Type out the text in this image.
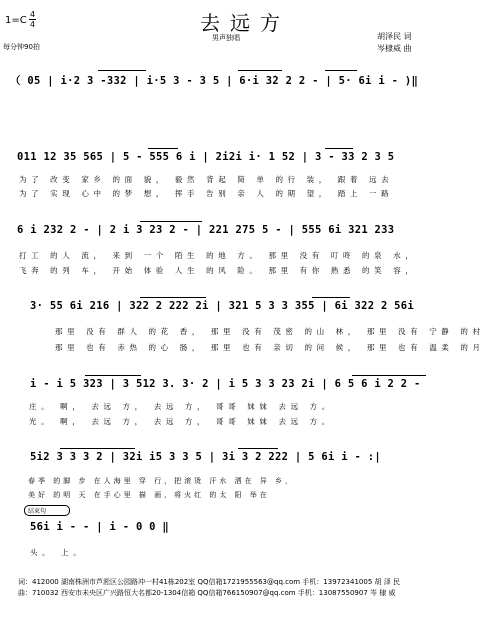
1=C
4
4
每分钟90拍
去远方
男声独唱	胡泽民 词
岑棣威 曲
（ 05 | i·2 3 -33̇2 | i·5 3 - 3 5 | 6·i 3̇2 2 2 - | 5· 6i i - )‖
011 12 35 565 | 5 - 555 6 i | 2i2i i· 1 52 | 3 - 33 2 3 5
为了 改变 家乡 的面 貌， 毅然 背起 简 单 的行 装， 跟着 远去
为了 实现 心中 的梦 想， 挥手 告别 亲 人 的期 望， 踏上 一路
6 i 232 2 - | 2 i 3 23 2 - | 221 275 5 - | 555 6i 321 233
打工 的人 流， 来到 一个 陌生 的地 方。 那里 没有 叮咚 的泉 水，
飞奔 的列 车， 开始 体验 人生 的风 险。 那里 有你 熟悉 的笑 容，
3· 55 6i 216 | 322 2 222 2i | 321 5 3 3 355 | 6i 322 2 56i
那里 没有 群人 的花 香， 那里 没有 茂密 的山 林， 那里 没有 宁静 的村
那里 也有 赤热 的心 肠， 那里 也有 亲切 的问 候， 那里 也有 温柔 的月
i - i 5 323 | 3 512 3. 3· 2 | i 5 3 3 23 2i | 6 5 6 i 2 2 -
庄。 啊， 去远 方， 去远 方， 哥哥 妹妹 去远 方。
光。 啊， 去远 方， 去远 方， 哥哥 妹妹 去远 方。
5i2 3 3 3 2 | 32i i5 3 3 5 | 3i 3 2 222 | 5 6i i - :|
春季 的脚 步 在人海里 穿 行，把滚烫 汗水 洒在 异 乡，
美好 的明 天 在手心里 描 画，将火红 的太 阳 举在
结束句
56i i - - | i - 0 0 ‖
头。 上。
词：412000 湖南株洲市芦淞区公园路冲一村41栋202室 QQ信箱1721955563@qq.com 手机：13972341005 胡 泽 民
曲：710032 西安市未央区广兴路恒大名都20-1304信箱 QQ信箱766150907@qq.com 手机：13087550907 岑 棣 威
